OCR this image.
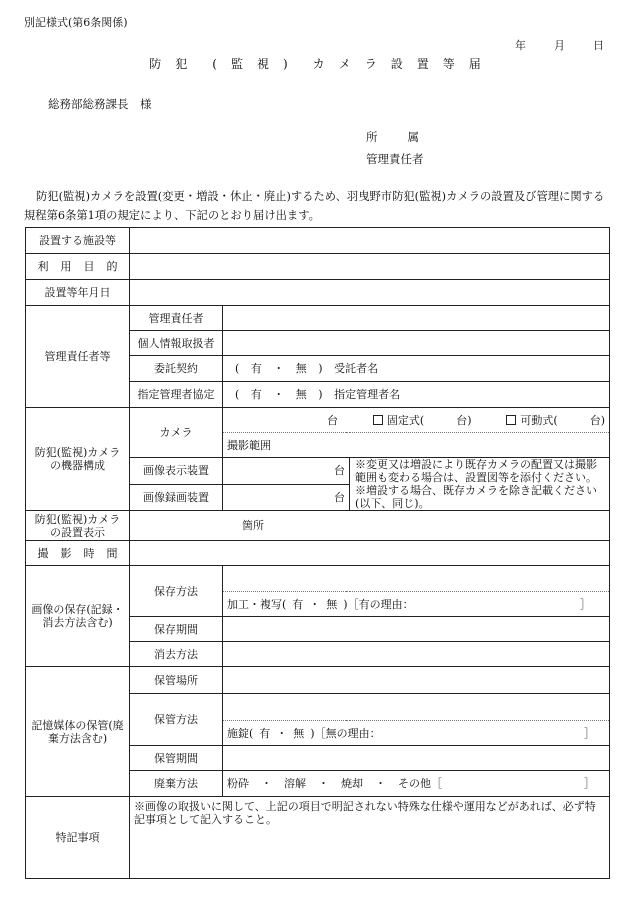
別記様式(第6条関係)
年	月	日
防 犯 ( 監 視 ) カ メ ラ 設 置 等 届
総務部総務課長　様
所	属
管理責任者
防犯(監視)カメラを設置(変更・増設・休止・廃止)するため、羽曳野市防犯(監視)カメラの設置及び管理に関する規程第6条第1項の規定により、下記のとおり届け出ます。
設置する施設等			
利 用 目 的			
設置等年月日			
管理責任者等	管理責任者		
	個人情報取扱者		
	委託契約	( 有 ・ 無 ) 受託者名	
	指定管理者協定	( 有 ・ 無 ) 指定管理者名	
防犯(監視)カメラの機器構成	カメラ	台 固定式( 台) 可動式( 台)	

		撮影範囲	
	画像表示装置	台	※変更又は増設により既存カメラの配置又は撮影範囲も変わる場合は、設置図等を添付ください。
※増設する場合、既存カメラを除き記載ください(以下、同じ)。

	画像録画装置	台	
防犯(監視)カメラの設置表示	箇所		
撮 影 時 間			
画像の保存(記録・消去方法含む)	保存方法		

		加工・複写( 有 ・ 無 )［有の理由： ］	

	保存期間		
	消去方法		
記憶媒体の保管(廃棄方法含む)	保管場所		
	保管方法		

		施錠( 有 ・ 無 )［無の理由： ］	

	保管期間		
	廃棄方法	粉砕 ・ 溶解 ・ 焼却 ・ その他［ ］	

特記事項	※画像の取扱いに関して、上記の項目で明記されない特殊な仕様や運用などがあれば、必ず特記事項として記入すること。		
